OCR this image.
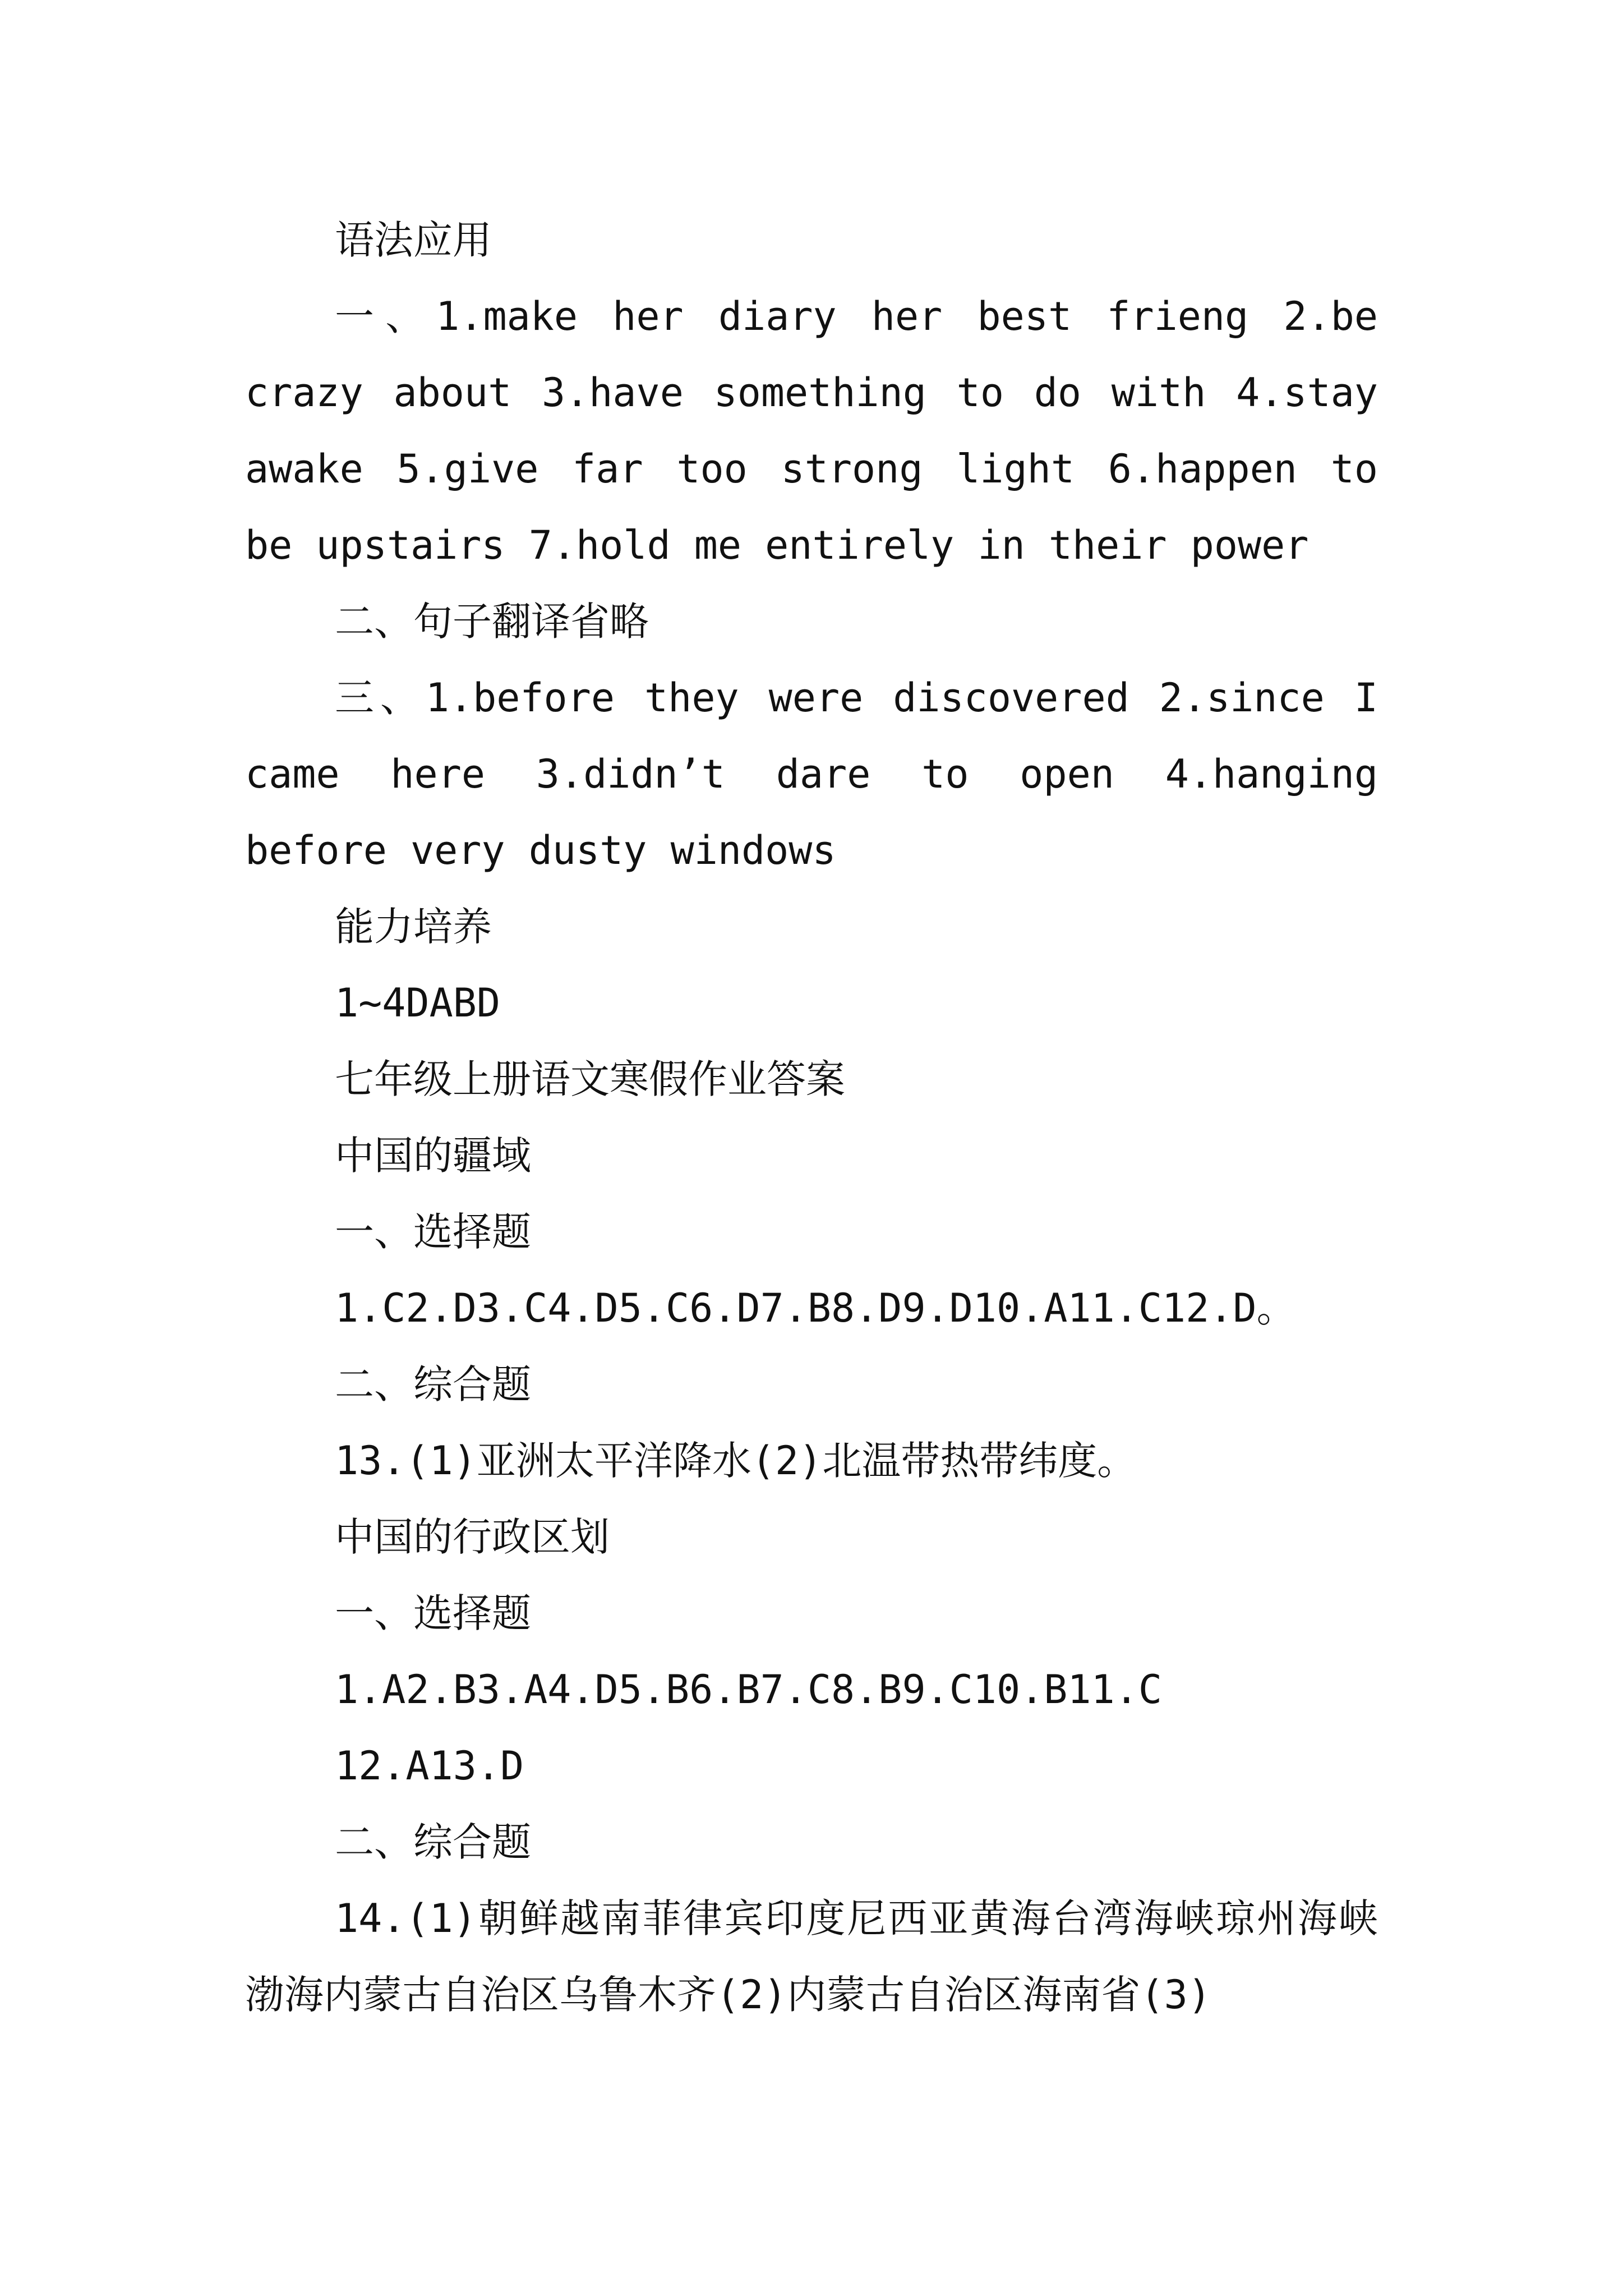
语法应用

一、1.make her diary her best frieng 2.be crazy about 3.have something to do with 4.stay awake 5.give far too strong light 6.happen to be upstairs 7.hold me entirely in their power

二、句子翻译省略

三、1.before they were discovered 2.since I came here 3.didn’t dare to open 4.hanging before very dusty windows

能力培养

1~4DABD

七年级上册语文寒假作业答案

中国的疆域

一、选择题

1.C2.D3.C4.D5.C6.D7.B8.D9.D10.A11.C12.D。

二、综合题

13.(1)亚洲太平洋降水(2)北温带热带纬度。

中国的行政区划

一、选择题

1.A2.B3.A4.D5.B6.B7.C8.B9.C10.B11.C

12.A13.D

二、综合题

14.(1)朝鲜越南菲律宾印度尼西亚黄海台湾海峡琼州海峡渤海内蒙古自治区乌鲁木齐(2)内蒙古自治区海南省(3)
